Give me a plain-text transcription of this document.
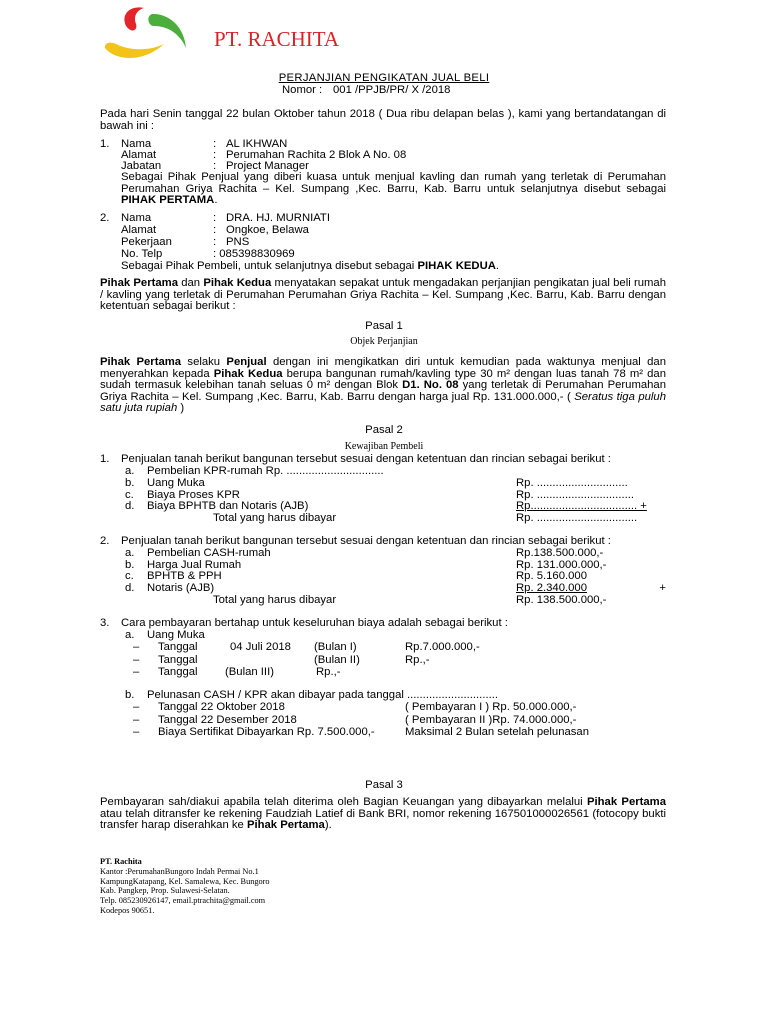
PT. RACHITA
PERJANJIAN PENGIKATAN JUAL BELI
Nomor : 001 /PPJB/PR/ X /2018
Pada hari Senin tanggal 22 bulan Oktober tahun 2018 ( Dua ribu delapan belas ), kami yang bertandatangan di bawah ini :
1. Nama	: AL IKHWAN
Alamat	: Perumahan Rachita 2 Blok A No. 08
Jabatan	: Project Manager
Sebagai Pihak Penjual yang diberi kuasa untuk menjual kavling dan rumah yang terletak di Perumahan Perumahan Griya Rachita – Kel. Sumpang ,Kec. Barru, Kab. Barru untuk selanjutnya disebut sebagai PIHAK PERTAMA.
2. Nama	: DRA. HJ. MURNIATI
Alamat	: Ongkoe, Belawa
Pekerjaan	: PNS
No. Telp	: 085398830969
Sebagai Pihak Pembeli, untuk selanjutnya disebut sebagai PIHAK KEDUA.
Pihak Pertama dan Pihak Kedua menyatakan sepakat untuk mengadakan perjanjian pengikatan jual beli rumah / kavling yang terletak di Perumahan Perumahan Griya Rachita – Kel. Sumpang ,Kec. Barru, Kab. Barru dengan ketentuan sebagai berikut :
Pasal 1
Objek Perjanjian
Pihak Pertama selaku Penjual dengan ini mengikatkan diri untuk kemudian pada waktunya menjual dan menyerahkan kepada Pihak Kedua berupa bangunan rumah/kavling type 30 m² dengan luas tanah 78 m² dan sudah termasuk kelebihan tanah seluas 0 m² dengan Blok D1. No. 08 yang terletak di Perumahan Perumahan Griya Rachita – Kel. Sumpang ,Kec. Barru, Kab. Barru dengan harga jual Rp. 131.000.000,- ( Seratus tiga puluh satu juta rupiah )
Pasal 2
Kewajiban Pembeli
1. Penjualan tanah berikut bangunan tersebut sesuai dengan ketentuan dan rincian sebagai berikut :
a. Pembelian KPR-rumah Rp. ...............................
b. Uang Muka	Rp. .............................
c. Biaya Proses KPR	Rp. ...............................
d. Biaya BPHTB dan Notaris (AJB)	Rp.................................. +
Total yang harus dibayar	Rp. ................................
2. Penjualan tanah berikut bangunan tersebut sesuai dengan ketentuan dan rincian sebagai berikut :
a. Pembelian CASH-rumah	Rp.138.500.000,-
b. Harga Jual Rumah	Rp. 131.000.000,-
c. BPHTB & PPH	Rp. 5.160.000
d. Notaris (AJB)	Rp. 2.340.000	+
Total yang harus dibayar	Rp. 138.500.000,-
3. Cara pembayaran bertahap untuk keseluruhan biaya adalah sebagai berikut :
a. Uang Muka
– Tanggal	04 Juli 2018 (Bulan I)	Rp.7.000.000,-
– Tanggal	(Bulan II)	Rp.,-
– Tanggal (Bulan III)	Rp.,-
b. Pelunasan CASH / KPR akan dibayar pada tanggal .............................
– Tanggal 22 Oktober 2018	( Pembayaran I ) Rp. 50.000.000,-
– Tanggal 22 Desember 2018	( Pembayaran II )Rp. 74.000.000,-
– Biaya Sertifikat Dibayarkan Rp. 7.500.000,-	Maksimal 2 Bulan setelah pelunasan
Pasal 3
Pembayaran sah/diakui apabila telah diterima oleh Bagian Keuangan yang dibayarkan melalui Pihak Pertama atau telah ditransfer ke rekening Faudziah Latief di Bank BRI, nomor rekening 167501000026561 (fotocopy bukti transfer harap diserahkan ke Pihak Pertama).
PT. Rachita
Kantor :PerumahanBungoro Indah Permai No.1
KampungKatapang, Kel. Samalewa, Kec. Bungoro
Kab. Pangkep, Prop. Sulawesi-Selatan.
Telp. 085230926147, email.ptrachita@gmail.com
Kodepos 90651.
